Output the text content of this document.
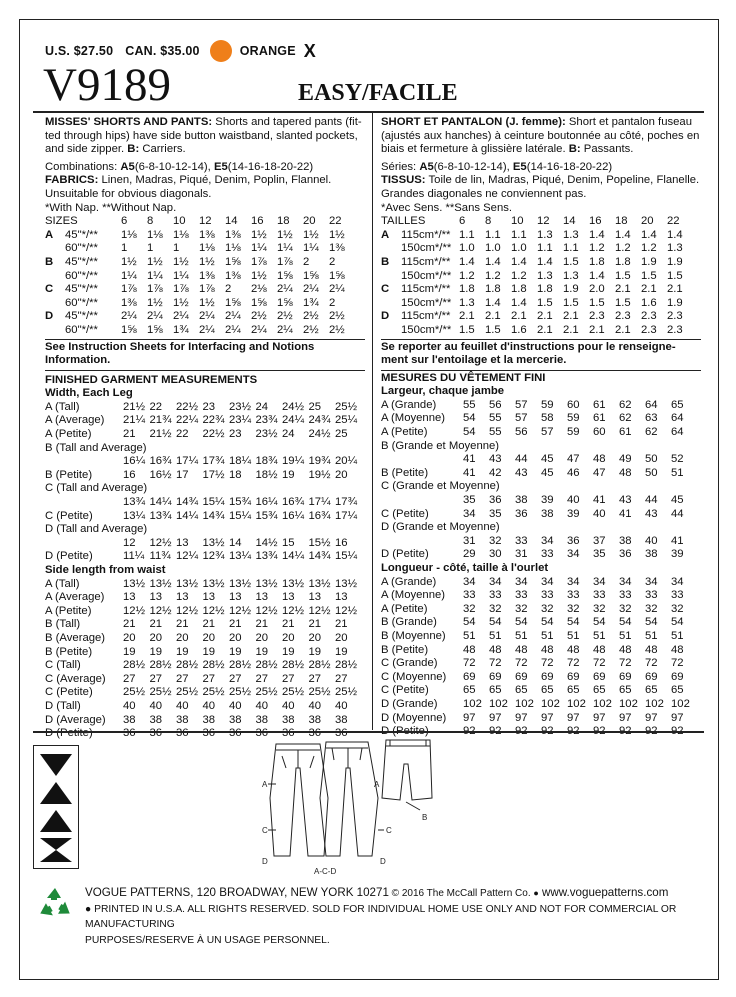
U.S. $27.50 CAN. $35.00	ORANGE X
V9189	EASY/FACILE
MISSES' SHORTS AND PANTS: Shorts and tapered pants (fit-
ted through hips) have side button waistband, slanted pockets,
and side zipper. B: Carriers.
Combinations: A5(6-8-10-12-14), E5(14-16-18-20-22)
FABRICS: Linen, Madras, Piqué, Denim, Poplin, Flannel.
Unsuitable for obvious diagonals.
*With Nap. **Without Nap.
SIZES		6	8	10	12	14	16	18	20	22
A	45"*/**	1⅛	1⅛	1⅛	1⅜	1⅜	1½	1½	1½	1½
	60"*/**	1	1	1	1⅛	1⅛	1¼	1¼	1¼	1⅜
B	45"*/**	1½	1½	1½	1½	1⅝	1⅞	1⅞	2	2
	60"*/**	1¼	1¼	1¼	1⅜	1⅜	1½	1⅝	1⅝	1⅝
C	45"*/**	1⅞	1⅞	1⅞	1⅞	2	2⅛	2¼	2¼	2¼
	60"*/**	1⅜	1½	1½	1½	1⅝	1⅝	1⅝	1¾	2
D	45"*/**	2¼	2¼	2¼	2¼	2¼	2½	2½	2½	2½
	60"*/**	1⅝	1⅝	1¾	2¼	2¼	2¼	2¼	2½	2½
See Instruction Sheets for Interfacing and Notions Information.
FINISHED GARMENT MEASUREMENTS
Width, Each Leg
A (Tall)	21½	22	22½	23	23½	24	24½	25	25½
A (Average)	21¼	21¾	22¼	22¾	23¼	23¾	24¼	24¾	25¼
A (Petite)	21	21½	22	22½	23	23½	24	24½	25
B (Tall and Average)									
	16¼	16¾	17¼	17¾	18¼	18¾	19¼	19¾	20¼
B (Petite)	16	16½	17	17½	18	18½	19	19½	20
C (Tall and Average)									
	13¾	14¼	14¾	15¼	15¾	16¼	16¾	17¼	17¾
C (Petite)	13¼	13¾	14¼	14¾	15¼	15¾	16¼	16¾	17¼
D (Tall and Average)									
	12	12½	13	13½	14	14½	15	15½	16
D (Petite)	11¼	11¾	12¼	12¾	13¼	13¾	14¼	14¾	15¼
Side length from waist
A (Tall)	13½	13½	13½	13½	13½	13½	13½	13½	13½
A (Average)	13	13	13	13	13	13	13	13	13
A (Petite)	12½	12½	12½	12½	12½	12½	12½	12½	12½
B (Tall)	21	21	21	21	21	21	21	21	21
B (Average)	20	20	20	20	20	20	20	20	20
B (Petite)	19	19	19	19	19	19	19	19	19
C (Tall)	28½	28½	28½	28½	28½	28½	28½	28½	28½
C (Average)	27	27	27	27	27	27	27	27	27
C (Petite)	25½	25½	25½	25½	25½	25½	25½	25½	25½
D (Tall)	40	40	40	40	40	40	40	40	40
D (Average)	38	38	38	38	38	38	38	38	38
D (Petite)	36	36	36	36	36	36	36	36	36
SHORT ET PANTALON (J. femme): Short et pantalon fuseau
(ajustés aux hanches) à ceinture boutonnée au côté, poches en
biais et fermeture à glissière latérale. B: Passants.
Séries: A5(6-8-10-12-14), E5(14-16-18-20-22)
TISSUS: Toile de lin, Madras, Piqué, Denim, Popeline, Flanelle.
Grandes diagonales ne conviennent pas.
*Avec Sens. **Sans Sens.
TAILLES		6	8	10	12	14	16	18	20	22
A	115cm*/**	1.1	1.1	1.1	1.3	1.3	1.4	1.4	1.4	1.4
	150cm*/**	1.0	1.0	1.0	1.1	1.1	1.2	1.2	1.2	1.3
B	115cm*/**	1.4	1.4	1.4	1.4	1.5	1.8	1.8	1.9	1.9
	150cm*/**	1.2	1.2	1.2	1.3	1.3	1.4	1.5	1.5	1.5
C	115cm*/**	1.8	1.8	1.8	1.8	1.9	2.0	2.1	2.1	2.1
	150cm*/**	1.3	1.4	1.4	1.5	1.5	1.5	1.5	1.6	1.9
D	115cm*/**	2.1	2.1	2.1	2.1	2.1	2.3	2.3	2.3	2.3
	150cm*/**	1.5	1.5	1.6	2.1	2.1	2.1	2.1	2.3	2.3
Se reporter au feuillet d'instructions pour le renseigne-
ment sur l'entoilage et la mercerie.
MESURES DU VÊTEMENT FINI
Largeur, chaque jambe
A (Grande)	55	56	57	59	60	61	62	64	65
A (Moyenne)	54	55	57	58	59	61	62	63	64
A (Petite)	54	55	56	57	59	60	61	62	64
B (Grande et Moyenne)									
	41	43	44	45	47	48	49	50	52
B (Petite)	41	42	43	45	46	47	48	50	51
C (Grande et Moyenne)									
	35	36	38	39	40	41	43	44	45
C (Petite)	34	35	36	38	39	40	41	43	44
D (Grande et Moyenne)									
	31	32	33	34	36	37	38	40	41
D (Petite)	29	30	31	33	34	35	36	38	39
Longueur - côté, taille à l'ourlet
A (Grande)	34	34	34	34	34	34	34	34	34
A (Moyenne)	33	33	33	33	33	33	33	33	33
A (Petite)	32	32	32	32	32	32	32	32	32
B (Grande)	54	54	54	54	54	54	54	54	54
B (Moyenne)	51	51	51	51	51	51	51	51	51
B (Petite)	48	48	48	48	48	48	48	48	48
C (Grande)	72	72	72	72	72	72	72	72	72
C (Moyenne)	69	69	69	69	69	69	69	69	69
C (Petite)	65	65	65	65	65	65	65	65	65
D (Grande)	102	102	102	102	102	102	102	102	102
D (Moyenne)	97	97	97	97	97	97	97	97	97
D (Petite)	92	92	92	92	92	92	92	92	92
A
C
D
A
C
D
A-C-D
B
VOGUE PATTERNS, 120 BROADWAY, NEW YORK 10271 © 2016 The McCall Pattern Co. ● www.voguepatterns.com
● PRINTED IN U.S.A. ALL RIGHTS RESERVED. SOLD FOR INDIVIDUAL HOME USE ONLY AND NOT FOR COMMERCIAL OR MANUFACTURING
PURPOSES/RESERVE À UN USAGE PERSONNEL.
